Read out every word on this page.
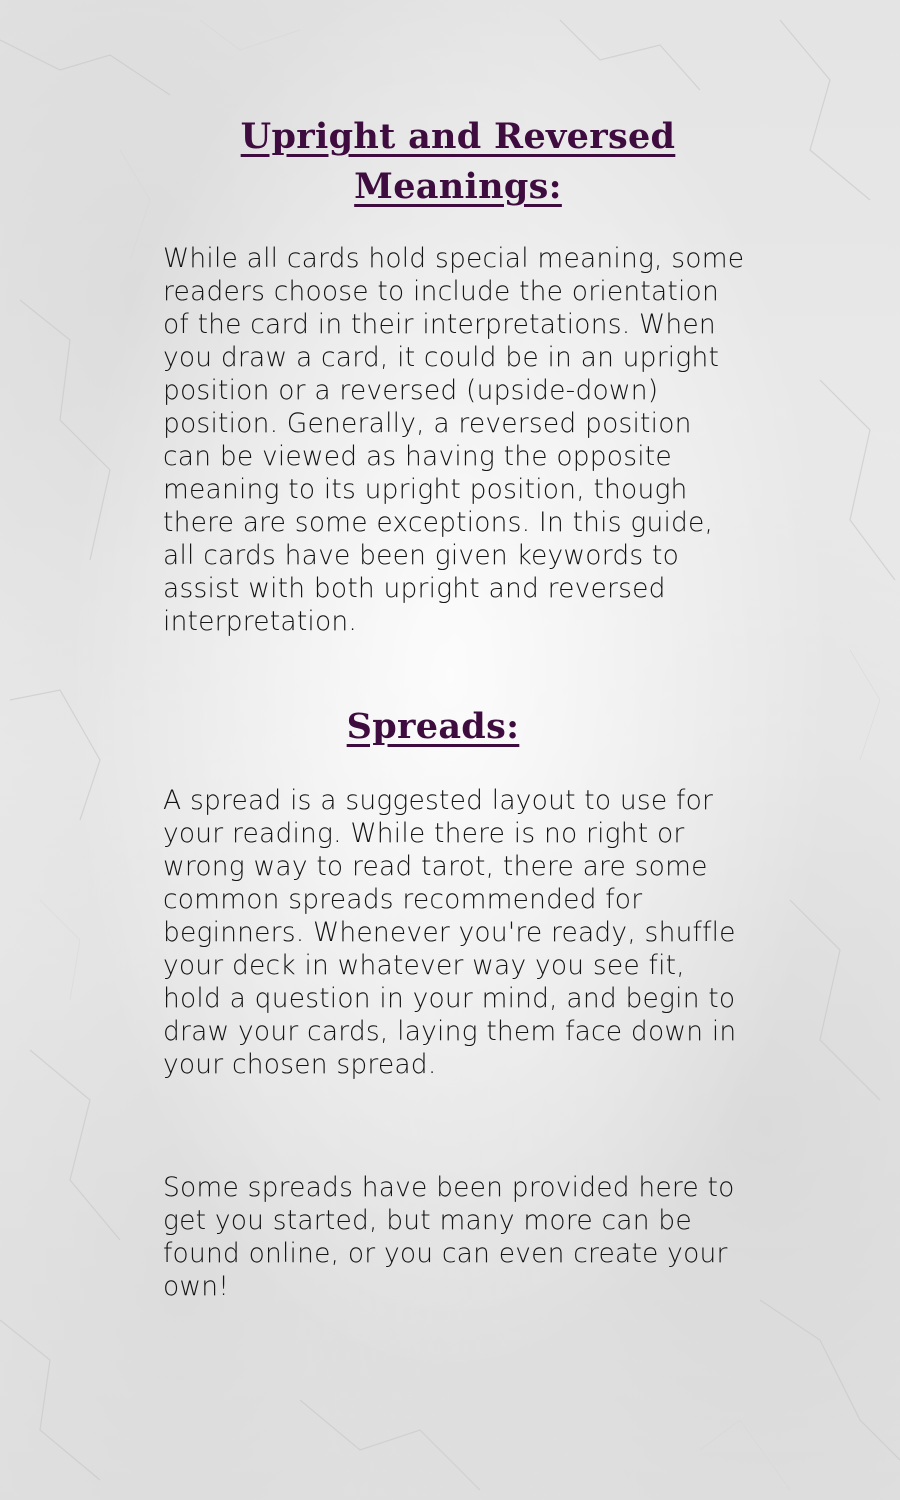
Upright and Reversed Meanings:

While all cards hold special meaning, some readers choose to include the orientation of the card in their interpretations. When you draw a card, it could be in an upright position or a reversed (upside-down) position. Generally, a reversed position can be viewed as having the opposite meaning to its upright position, though there are some exceptions. In this guide, all cards have been given keywords to assist with both upright and reversed interpretation.

Spreads:

A spread is a suggested layout to use for your reading. While there is no right or wrong way to read tarot, there are some common spreads recommended for beginners. Whenever you're ready, shuffle your deck in whatever way you see fit, hold a question in your mind, and begin to draw your cards, laying them face down in your chosen spread.

Some spreads have been provided here to get you started, but many more can be found online, or you can even create your own!
